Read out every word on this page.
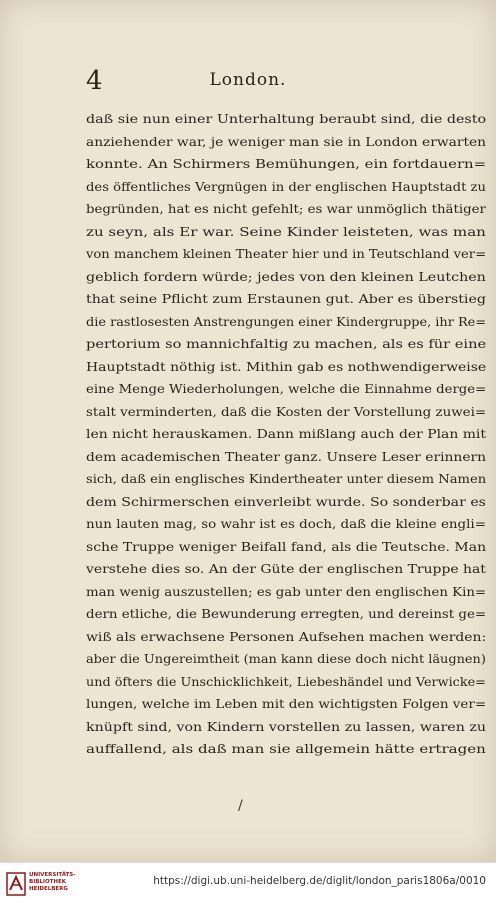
4	London.
daß sie nun einer Unterhaltung beraubt sind, die desto
anziehender war, je weniger man sie in London erwarten
konnte. An Schirmers Bemühungen, ein fortdauern=
des öffentliches Vergnügen in der englischen Hauptstadt zu
begründen, hat es nicht gefehlt; es war unmöglich thätiger
zu seyn, als Er war. Seine Kinder leisteten, was man
von manchem kleinen Theater hier und in Teutschland ver=
geblich fordern würde; jedes von den kleinen Leutchen
that seine Pflicht zum Erstaunen gut. Aber es überstieg
die rastlosesten Anstrengungen einer Kindergruppe, ihr Re=
pertorium so mannichfaltig zu machen, als es für eine
Hauptstadt nöthig ist. Mithin gab es nothwendigerweise
eine Menge Wiederholungen, welche die Einnahme derge=
stalt verminderten, daß die Kosten der Vorstellung zuwei=
len nicht herauskamen. Dann mißlang auch der Plan mit
dem academischen Theater ganz. Unsere Leser erinnern
sich, daß ein englisches Kindertheater unter diesem Namen
dem Schirmerschen einverleibt wurde. So sonderbar es
nun lauten mag, so wahr ist es doch, daß die kleine engli=
sche Truppe weniger Beifall fand, als die Teutsche. Man
verstehe dies so. An der Güte der englischen Truppe hat
man wenig auszustellen; es gab unter den englischen Kin=
dern etliche, die Bewunderung erregten, und dereinst ge=
wiß als erwachsene Personen Aufsehen machen werden:
aber die Ungereimtheit (man kann diese doch nicht läugnen)
und öfters die Unschicklichkeit, Liebeshändel und Verwicke=
lungen, welche im Leben mit den wichtigsten Folgen ver=
knüpft sind, von Kindern vorstellen zu lassen, waren zu
auffallend, als daß man sie allgemein hätte ertragen
/
UNIVERSITÄTS-
BIBLIOTHEK
HEIDELBERG
https://digi.ub.uni-heidelberg.de/diglit/london_paris1806a/0010
